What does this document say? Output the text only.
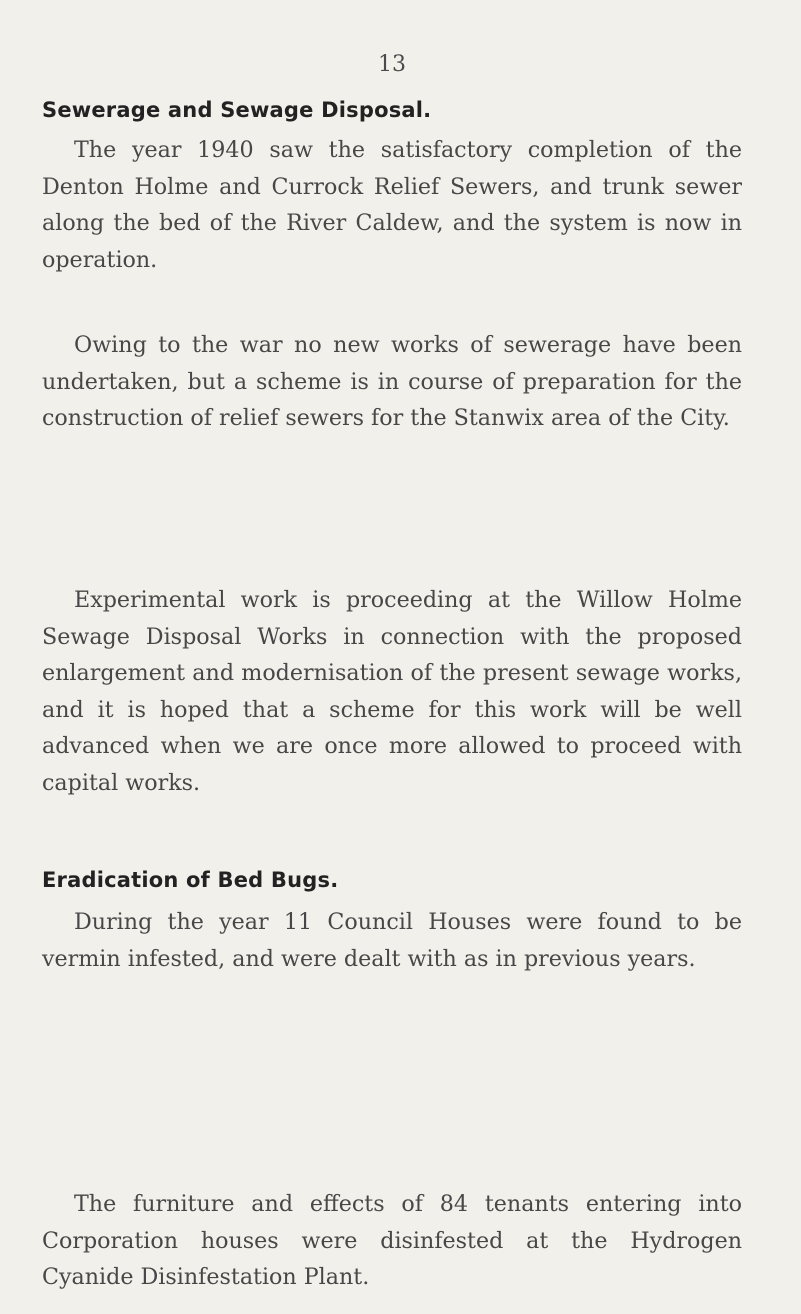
13
Sewerage and Sewage Disposal.

The year 1940 saw the satisfactory completion of the Denton Holme and Currock Relief Sewers, and trunk sewer along the bed of the River Caldew, and the system is now in operation.

Owing to the war no new works of sewerage have been undertaken, but a scheme is in course of preparation for the construction of relief sewers for the Stanwix area of the City.

Experimental work is proceeding at the Willow Holme Sewage Disposal Works in connection with the proposed enlargement and modernisation of the present sewage works, and it is hoped that a scheme for this work will be well advanced when we are once more allowed to proceed with capital works.

Eradication of Bed Bugs.

During the year 11 Council Houses were found to be vermin infested, and were dealt with as in previous years.

The furniture and effects of 84 tenants entering into Corporation houses were disinfested at the Hydrogen Cyanide Disinfestation Plant.
